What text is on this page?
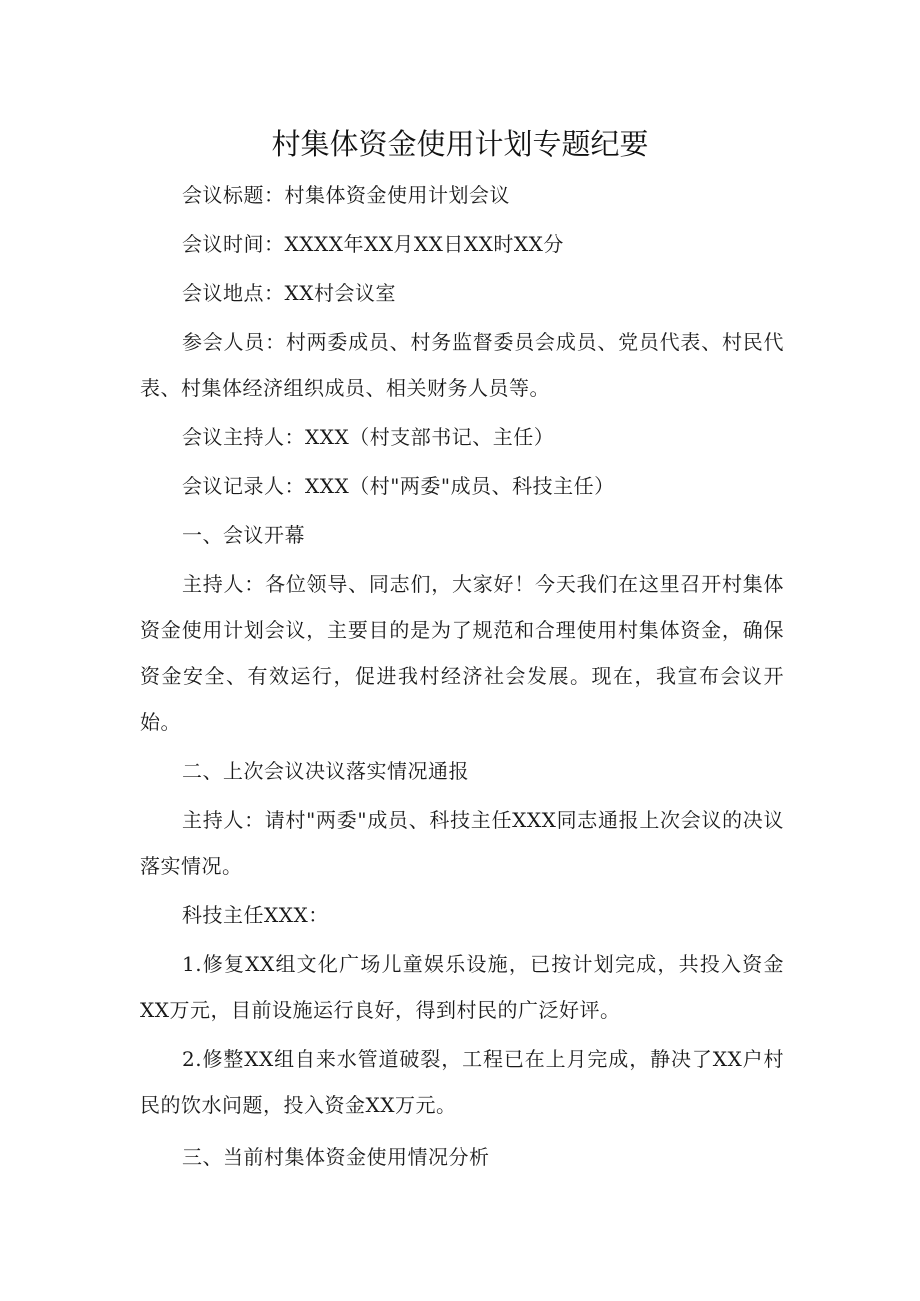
村集体资金使用计划专题纪要

会议标题：村集体资金使用计划会议

会议时间：XXXX年XX月XX日XX时XX分

会议地点：XX村会议室

参会人员：村两委成员、村务监督委员会成员、党员代表、村民代表、村集体经济组织成员、相关财务人员等。

会议主持人：XXX（村支部书记、主任）

会议记录人：XXX（村"两委"成员、科技主任）

一、会议开幕

主持人：各位领导、同志们，大家好！今天我们在这里召开村集体资金使用计划会议，主要目的是为了规范和合理使用村集体资金，确保资金安全、有效运行，促进我村经济社会发展。现在，我宣布会议开始。

二、上次会议决议落实情况通报

主持人：请村"两委"成员、科技主任XXX同志通报上次会议的决议落实情况。

科技主任XXX：

1.修复XX组文化广场儿童娱乐设施，已按计划完成，共投入资金XX万元，目前设施运行良好，得到村民的广泛好评。

2.修整XX组自来水管道破裂，工程已在上月完成，静决了XX户村民的饮水问题，投入资金XX万元。

三、当前村集体资金使用情况分析
